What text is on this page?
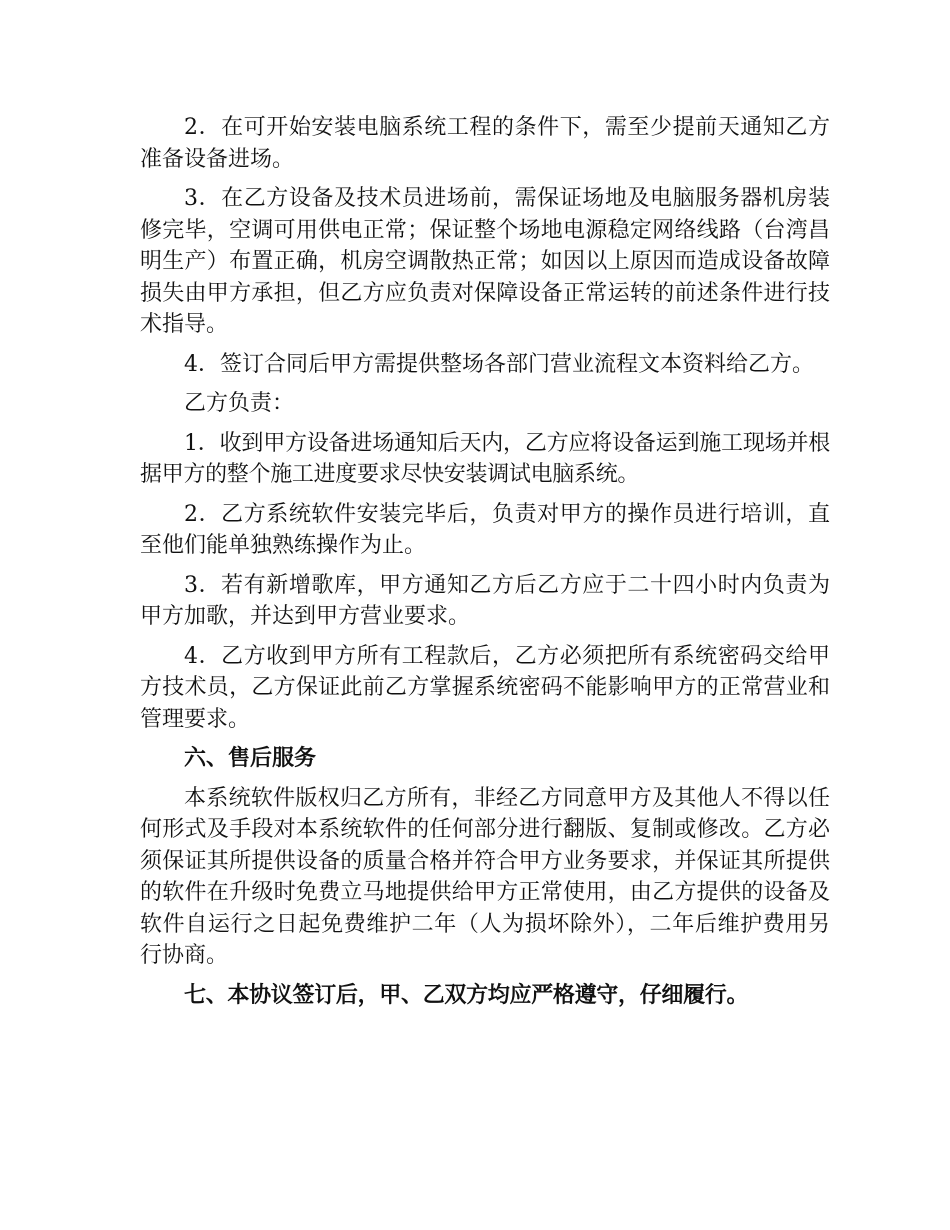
2．在可开始安装电脑系统工程的条件下，需至少提前天通知乙方准备设备进场。

3．在乙方设备及技术员进场前，需保证场地及电脑服务器机房装修完毕，空调可用供电正常；保证整个场地电源稳定网络线路（台湾昌明生产）布置正确，机房空调散热正常；如因以上原因而造成设备故障损失由甲方承担，但乙方应负责对保障设备正常运转的前述条件进行技术指导。

4．签订合同后甲方需提供整场各部门营业流程文本资料给乙方。

乙方负责：

1．收到甲方设备进场通知后天内，乙方应将设备运到施工现场并根据甲方的整个施工进度要求尽快安装调试电脑系统。

2．乙方系统软件安装完毕后，负责对甲方的操作员进行培训，直至他们能单独熟练操作为止。

3．若有新增歌库，甲方通知乙方后乙方应于二十四小时内负责为甲方加歌，并达到甲方营业要求。

4．乙方收到甲方所有工程款后，乙方必须把所有系统密码交给甲方技术员，乙方保证此前乙方掌握系统密码不能影响甲方的正常营业和管理要求。

六、售后服务

本系统软件版权归乙方所有，非经乙方同意甲方及其他人不得以任何形式及手段对本系统软件的任何部分进行翻版、复制或修改。乙方必须保证其所提供设备的质量合格并符合甲方业务要求，并保证其所提供的软件在升级时免费立马地提供给甲方正常使用，由乙方提供的设备及软件自运行之日起免费维护二年（人为损坏除外），二年后维护费用另行协商。

七、本协议签订后，甲、乙双方均应严格遵守，仔细履行。
